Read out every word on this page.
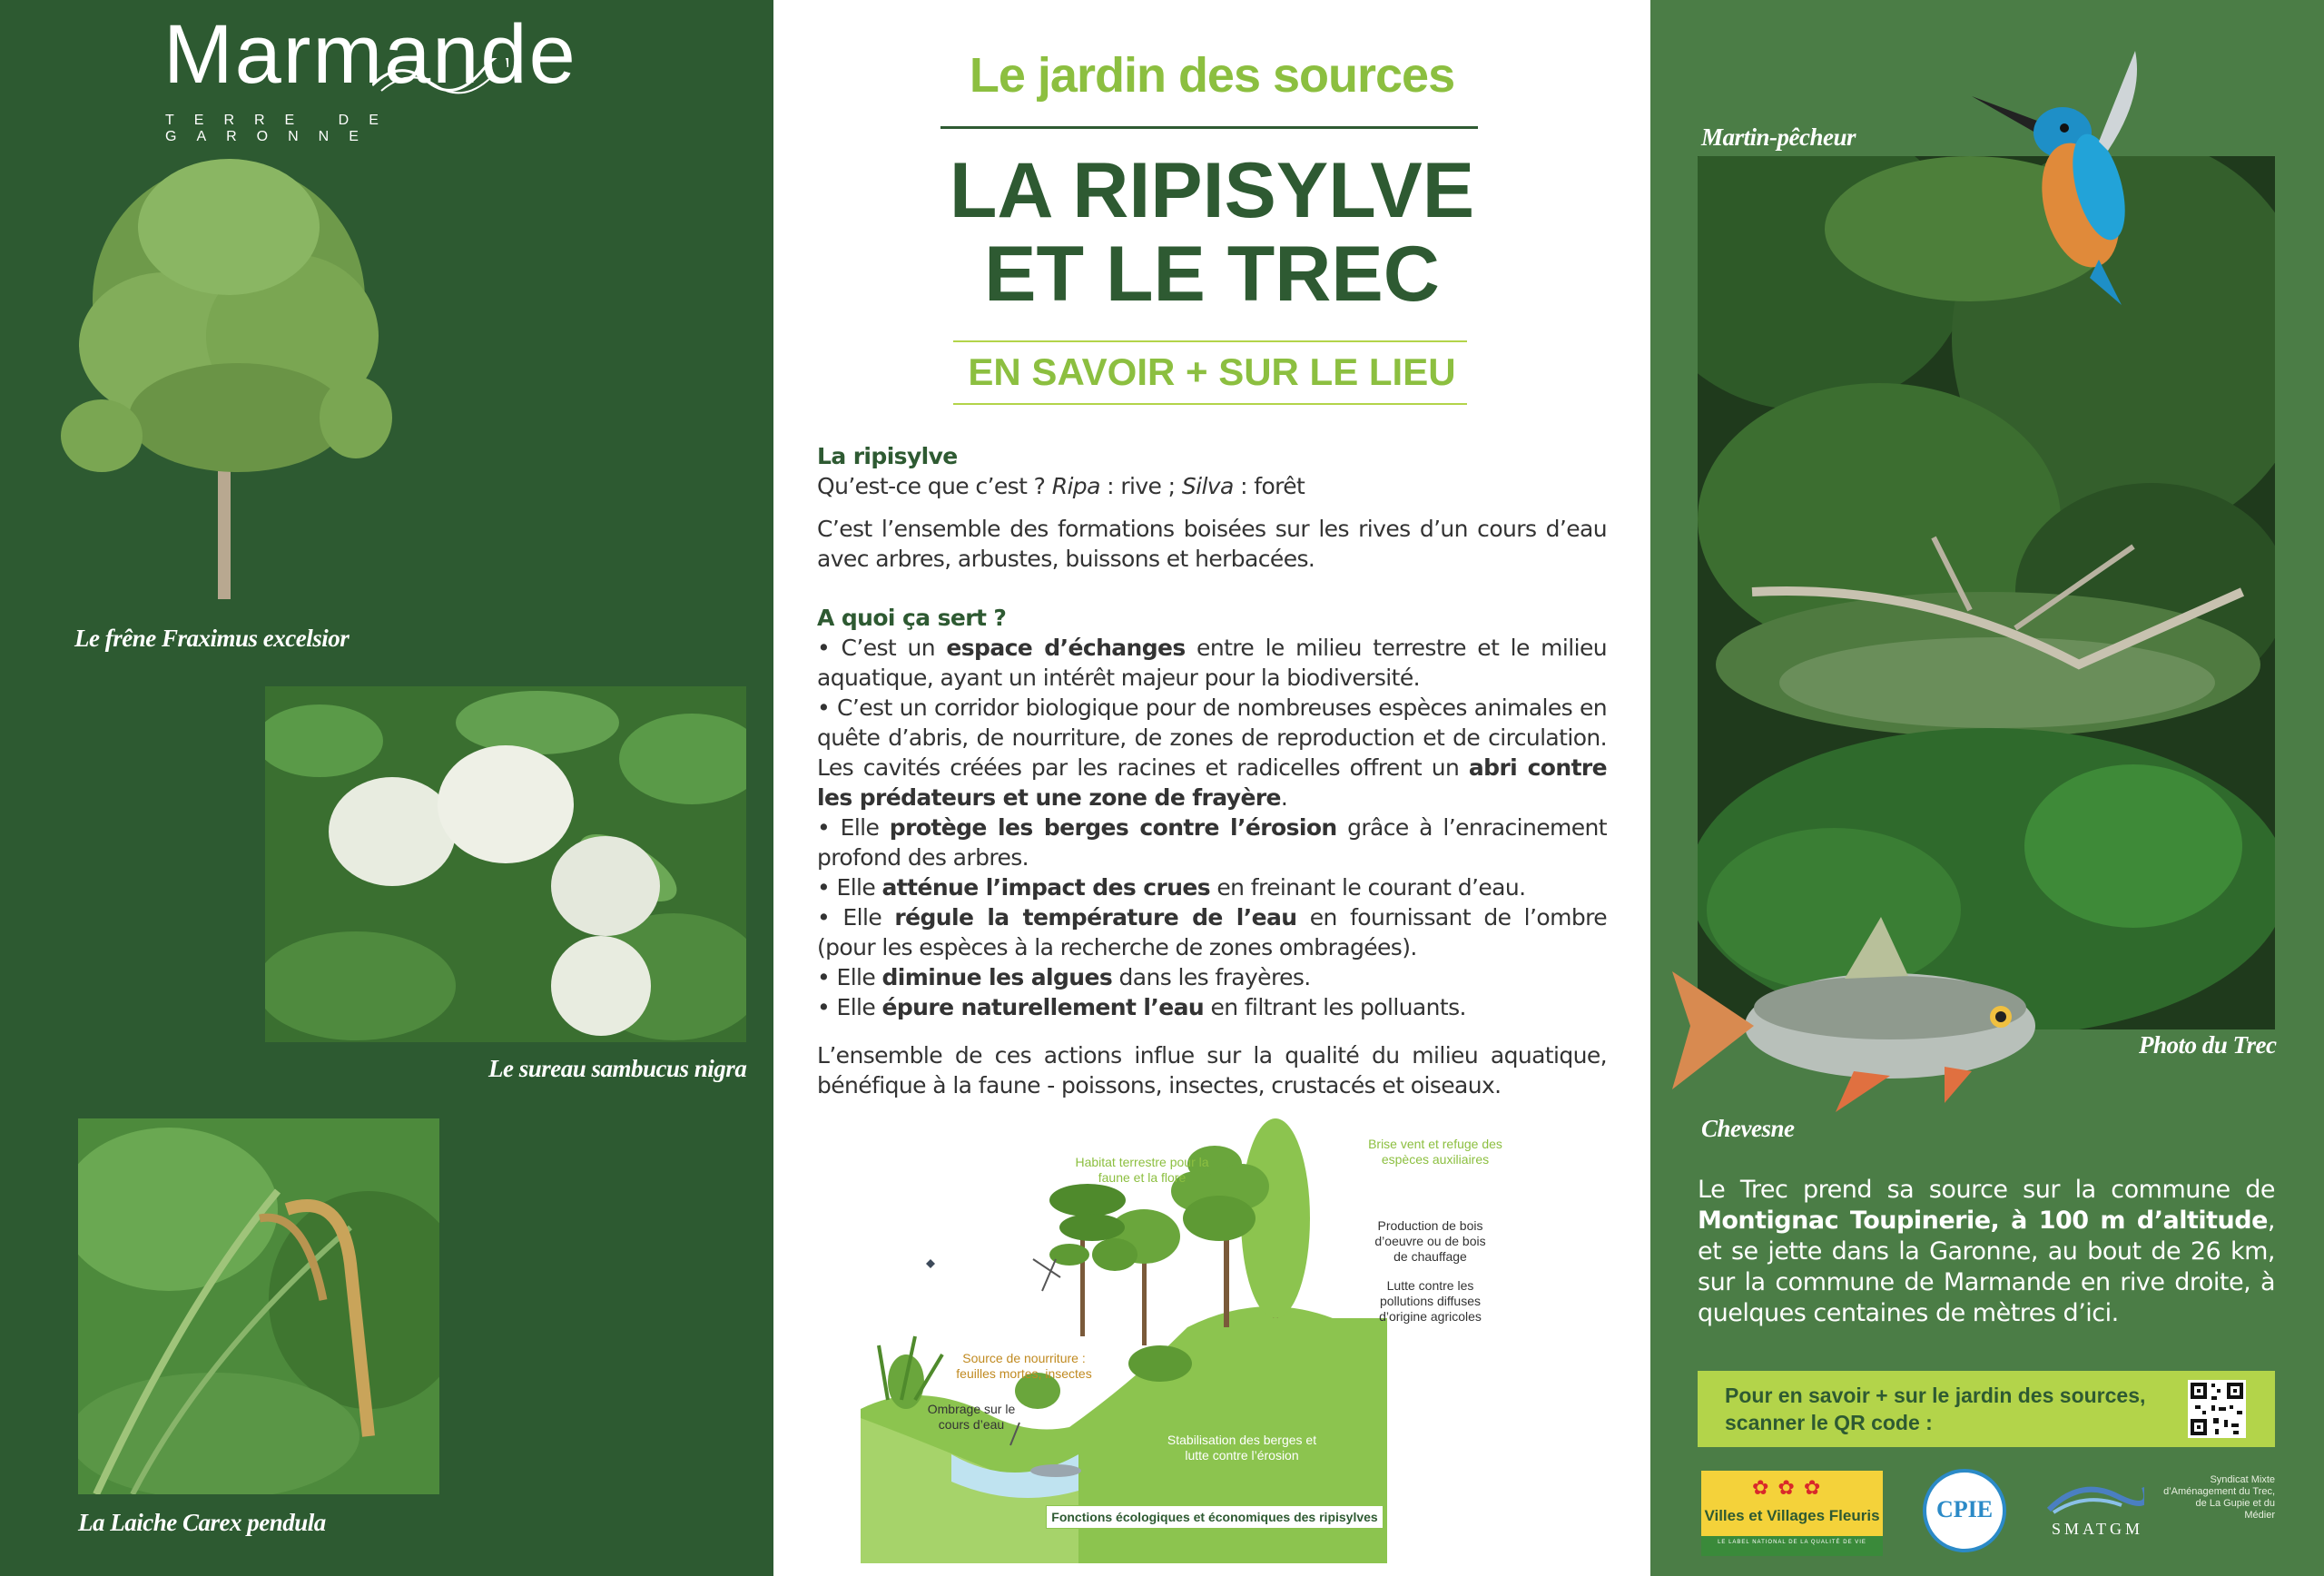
Marmande
TERRE DE GARONNE
Le frêne Fraximus excelsior
Le sureau sambucus nigra
La Laiche Carex pendula
Le jardin des sources
LA RIPISYLVE
ET LE TREC
EN SAVOIR + SUR LE LIEU

La ripisylve

Qu’est-ce que c’est ? Ripa : rive ; Silva : forêt

C’est l’ensemble des formations boisées sur les rives d’un cours d’eau avec arbres, arbustes, buissons et herbacées.

A quoi ça sert ?

• C’est un espace d’échanges entre le milieu terrestre et le milieu aquatique, ayant un intérêt majeur pour la biodiversité.

• C’est un corridor biologique pour de nombreuses espèces animales en quête d’abris, de nourriture, de zones de reproduction et de circulation. Les cavités créées par les racines et radicelles offrent un abri contre les prédateurs et une zone de frayère.

• Elle protège les berges contre l’érosion grâce à l’enracinement profond des arbres.

• Elle atténue l’impact des crues en freinant le courant d’eau.

• Elle régule la température de l’eau en fournissant de l’ombre (pour les espèces à la recherche de zones ombragées).

• Elle diminue les algues dans les frayères.

• Elle épure naturellement l’eau en filtrant les polluants.

L’ensemble de ces actions influe sur la qualité du milieu aquatique, bénéfique à la faune - poissons, insectes, crustacés et oiseaux.

Habitat terrestre pour la faune et la flore
Brise vent et refuge des espèces auxiliaires
Production de bois d’oeuvre ou de bois de chauffage
Lutte contre les pollutions diffuses d’origine agricoles
Source de nourriture : feuilles mortes, insectes
Ombrage sur le cours d’eau
Stabilisation des berges et lutte contre l’érosion
Fonctions écologiques et économiques des ripisylves
Martin-pêcheur
Photo du Trec
Chevesne
Le Trec prend sa source sur la commune de Montignac Toupinerie, à 100 m d’altitude, et se jette dans la Garonne, au bout de 26 km, sur la commune de Marmande en rive droite, à quelques centaines de mètres d’ici.
Pour en savoir + sur le jardin des sources, scanner le QR code :
✿✿✿
Villes et Villages Fleuris
LE LABEL NATIONAL DE LA QUALITÉ DE VIE
CPIE
SMATGM
Syndicat Mixte d’Aménagement du Trec, de La Gupie et du Médier
